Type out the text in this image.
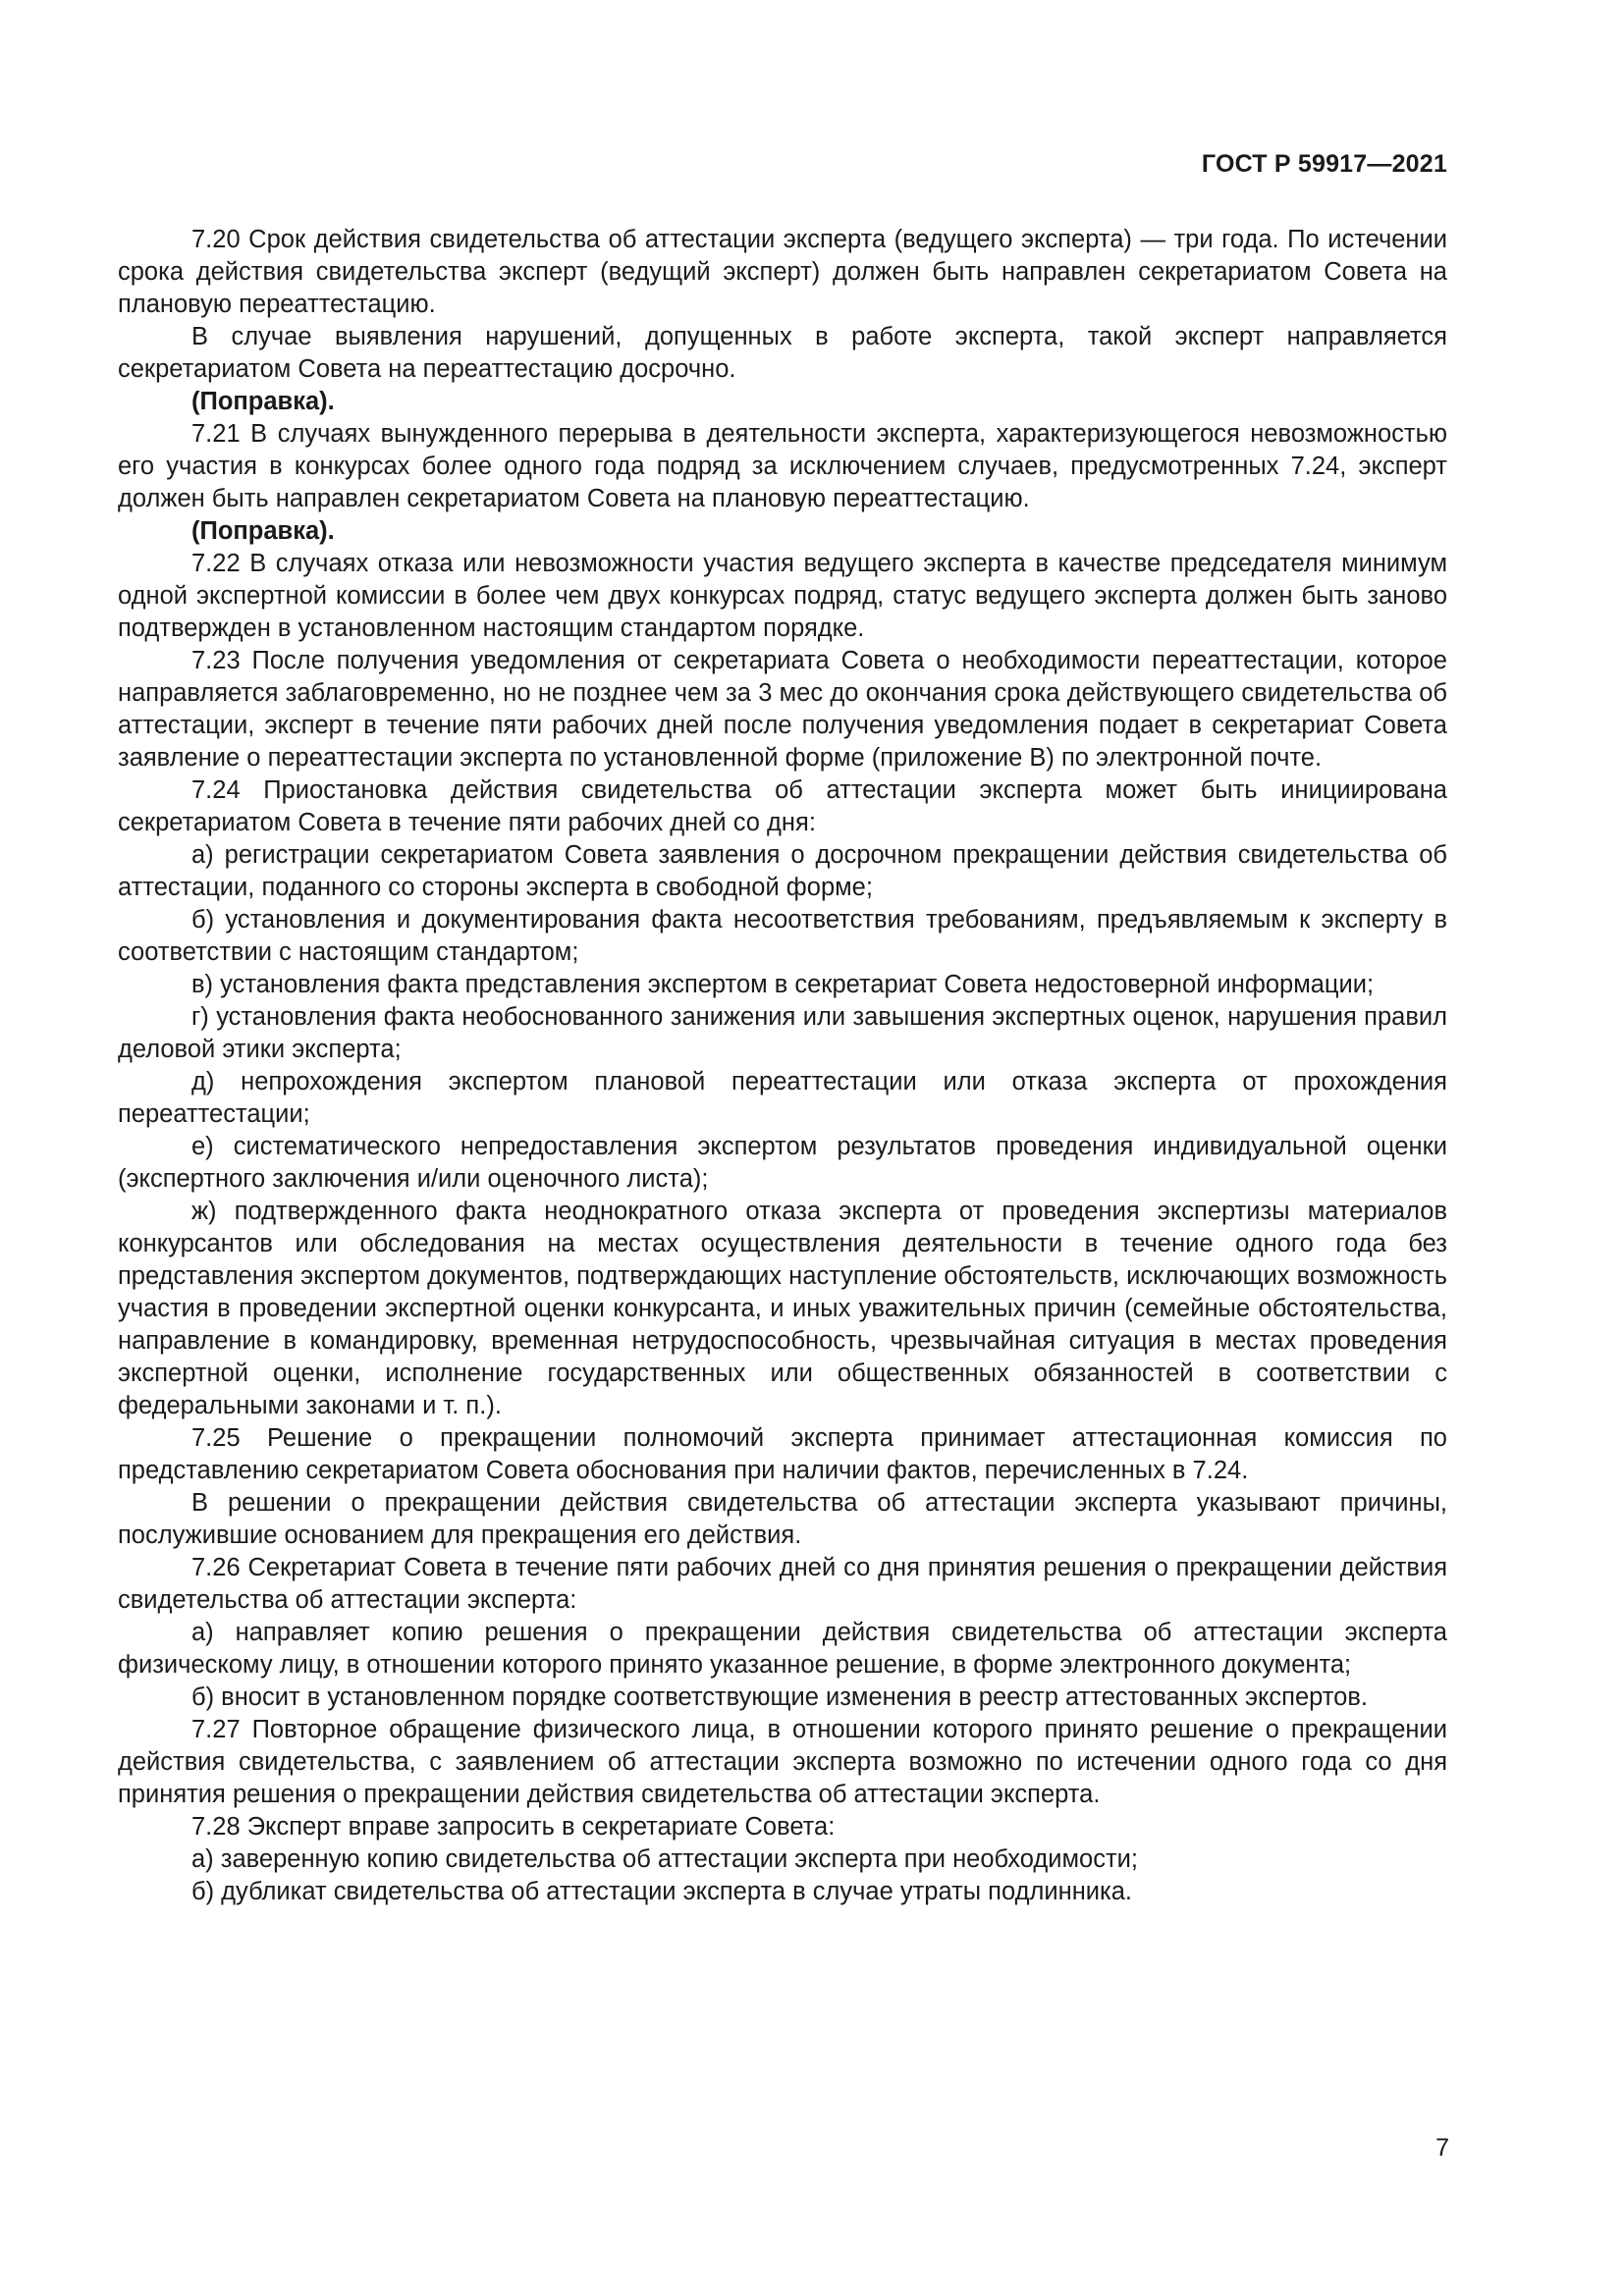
ГОСТ Р 59917—2021

7.20 Срок действия свидетельства об аттестации эксперта (ведущего эксперта) — три года. По истечении срока действия свидетельства эксперт (ведущий эксперт) должен быть направлен секретариатом Совета на плановую переаттестацию.

В случае выявления нарушений, допущенных в работе эксперта, такой эксперт направляется секретариатом Совета на переаттестацию досрочно.

(Поправка).

7.21 В случаях вынужденного перерыва в деятельности эксперта, характеризующегося невозможностью его участия в конкурсах более одного года подряд за исключением случаев, предусмотренных 7.24, эксперт должен быть направлен секретариатом Совета на плановую переаттестацию.

(Поправка).

7.22 В случаях отказа или невозможности участия ведущего эксперта в качестве председателя минимум одной экспертной комиссии в более чем двух конкурсах подряд, статус ведущего эксперта должен быть заново подтвержден в установленном настоящим стандартом порядке.

7.23 После получения уведомления от секретариата Совета о необходимости переаттестации, которое направляется заблаговременно, но не позднее чем за 3 мес до окончания срока действующего свидетельства об аттестации, эксперт в течение пяти рабочих дней после получения уведомления подает в секретариат Совета заявление о переаттестации эксперта по установленной форме (приложение В) по электронной почте.

7.24 Приостановка действия свидетельства об аттестации эксперта может быть инициирована секретариатом Совета в течение пяти рабочих дней со дня:

а) регистрации секретариатом Совета заявления о досрочном прекращении действия свидетельства об аттестации, поданного со стороны эксперта в свободной форме;

б) установления и документирования факта несоответствия требованиям, предъявляемым к эксперту в соответствии с настоящим стандартом;

в) установления факта представления экспертом в секретариат Совета недостоверной информации;

г) установления факта необоснованного занижения или завышения экспертных оценок, нарушения правил деловой этики эксперта;

д) непрохождения экспертом плановой переаттестации или отказа эксперта от прохождения переаттестации;

е) систематического непредоставления экспертом результатов проведения индивидуальной оценки (экспертного заключения и/или оценочного листа);

ж) подтвержденного факта неоднократного отказа эксперта от проведения экспертизы материалов конкурсантов или обследования на местах осуществления деятельности в течение одного года без представления экспертом документов, подтверждающих наступление обстоятельств, исключающих возможность участия в проведении экспертной оценки конкурсанта, и иных уважительных причин (семейные обстоятельства, направление в командировку, временная нетрудоспособность, чрезвычайная ситуация в местах проведения экспертной оценки, исполнение государственных или общественных обязанностей в соответствии с федеральными законами и т. п.).

7.25 Решение о прекращении полномочий эксперта принимает аттестационная комиссия по представлению секретариатом Совета обоснования при наличии фактов, перечисленных в 7.24.

В решении о прекращении действия свидетельства об аттестации эксперта указывают причины, послужившие основанием для прекращения его действия.

7.26 Секретариат Совета в течение пяти рабочих дней со дня принятия решения о прекращении действия свидетельства об аттестации эксперта:

а) направляет копию решения о прекращении действия свидетельства об аттестации эксперта физическому лицу, в отношении которого принято указанное решение, в форме электронного документа;

б) вносит в установленном порядке соответствующие изменения в реестр аттестованных экспертов.

7.27 Повторное обращение физического лица, в отношении которого принято решение о прекращении действия свидетельства, с заявлением об аттестации эксперта возможно по истечении одного года со дня принятия решения о прекращении действия свидетельства об аттестации эксперта.

7.28 Эксперт вправе запросить в секретариате Совета:

а) заверенную копию свидетельства об аттестации эксперта при необходимости;

б) дубликат свидетельства об аттестации эксперта в случае утраты подлинника.

7
